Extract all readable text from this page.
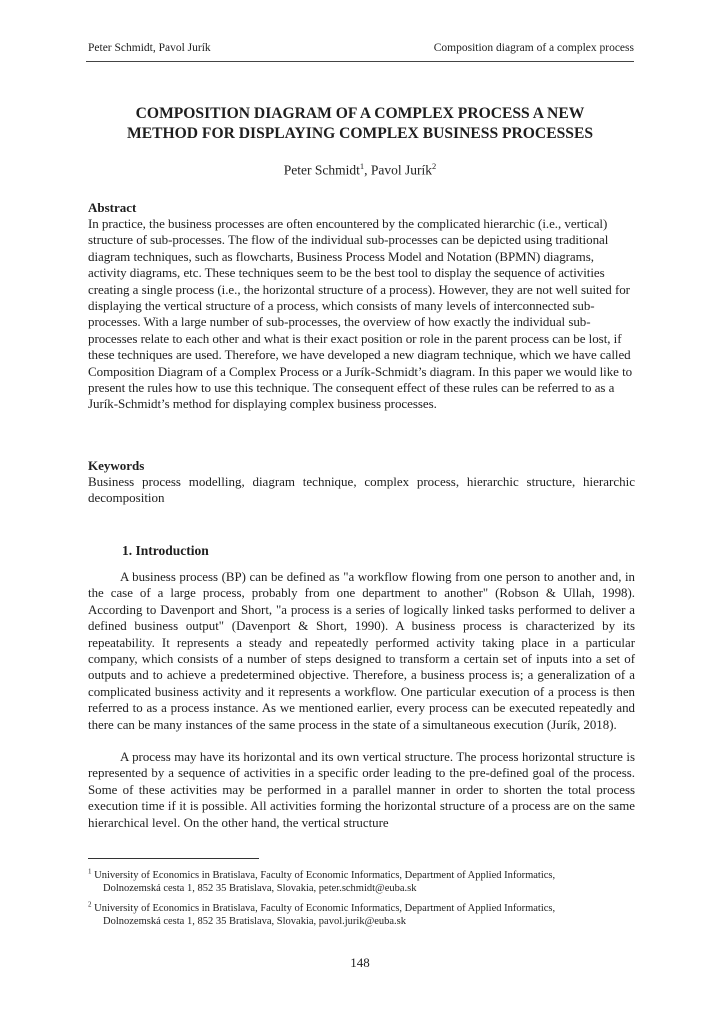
Peter Schmidt, Pavol Jurík	Composition diagram of a complex process
COMPOSITION DIAGRAM OF A COMPLEX PROCESS A NEW
METHOD FOR DISPLAYING COMPLEX BUSINESS PROCESSES
Peter Schmidt$^1$, Pavol Jurík$^2$
Abstract
In practice, the business processes are often encountered by the complicated hierarchic (i.e., vertical) structure of sub-processes. The flow of the individual sub-processes can be depicted using traditional diagram techniques, such as flowcharts, Business Process Model and Notation (BPMN) diagrams, activity diagrams, etc. These techniques seem to be the best tool to display the sequence of activities creating a single process (i.e., the horizontal structure of a process). However, they are not well suited for displaying the vertical structure of a process, which consists of many levels of interconnected sub-processes. With a large number of sub-processes, the overview of how exactly the individual sub-processes relate to each other and what is their exact position or role in the parent process can be lost, if these techniques are used. Therefore, we have developed a new diagram technique, which we have called Composition Diagram of a Complex Process or a Jurík-Schmidt’s diagram. In this paper we would like to present the rules how to use this technique. The consequent effect of these rules can be referred to as a Jurík-Schmidt’s method for displaying complex business processes.
Keywords
Business process modelling, diagram technique, complex process, hierarchic structure, hierarchic decomposition
1. Introduction
A business process (BP) can be defined as "a workflow flowing from one person to another and, in the case of a large process, probably from one department to another" (Robson & Ullah, 1998). According to Davenport and Short, "a process is a series of logically linked tasks performed to deliver a defined business output" (Davenport & Short, 1990). A business process is characterized by its repeatability. It represents a steady and repeatedly performed activity taking place in a particular company, which consists of a number of steps designed to transform a certain set of inputs into a set of outputs and to achieve a predetermined objective. Therefore, a business process is; a generalization of a complicated business activity and it represents a workflow. One particular execution of a process is then referred to as a process instance. As we mentioned earlier, every process can be executed repeatedly and there can be many instances of the same process in the state of a simultaneous execution (Jurík, 2018).
A process may have its horizontal and its own vertical structure. The process horizontal structure is represented by a sequence of activities in a specific order leading to the pre-defined goal of the process. Some of these activities may be performed in a parallel manner in order to shorten the total process execution time if it is possible. All activities forming the horizontal structure of a process are on the same hierarchical level. On the other hand, the vertical structure
$^1$ University of Economics in Bratislava, Faculty of Economic Informatics, Department of Applied Informatics,
Dolnozemská cesta 1, 852 35 Bratislava, Slovakia, peter.schmidt@euba.sk
$^2$ University of Economics in Bratislava, Faculty of Economic Informatics, Department of Applied Informatics,
Dolnozemská cesta 1, 852 35 Bratislava, Slovakia, pavol.jurik@euba.sk
148
